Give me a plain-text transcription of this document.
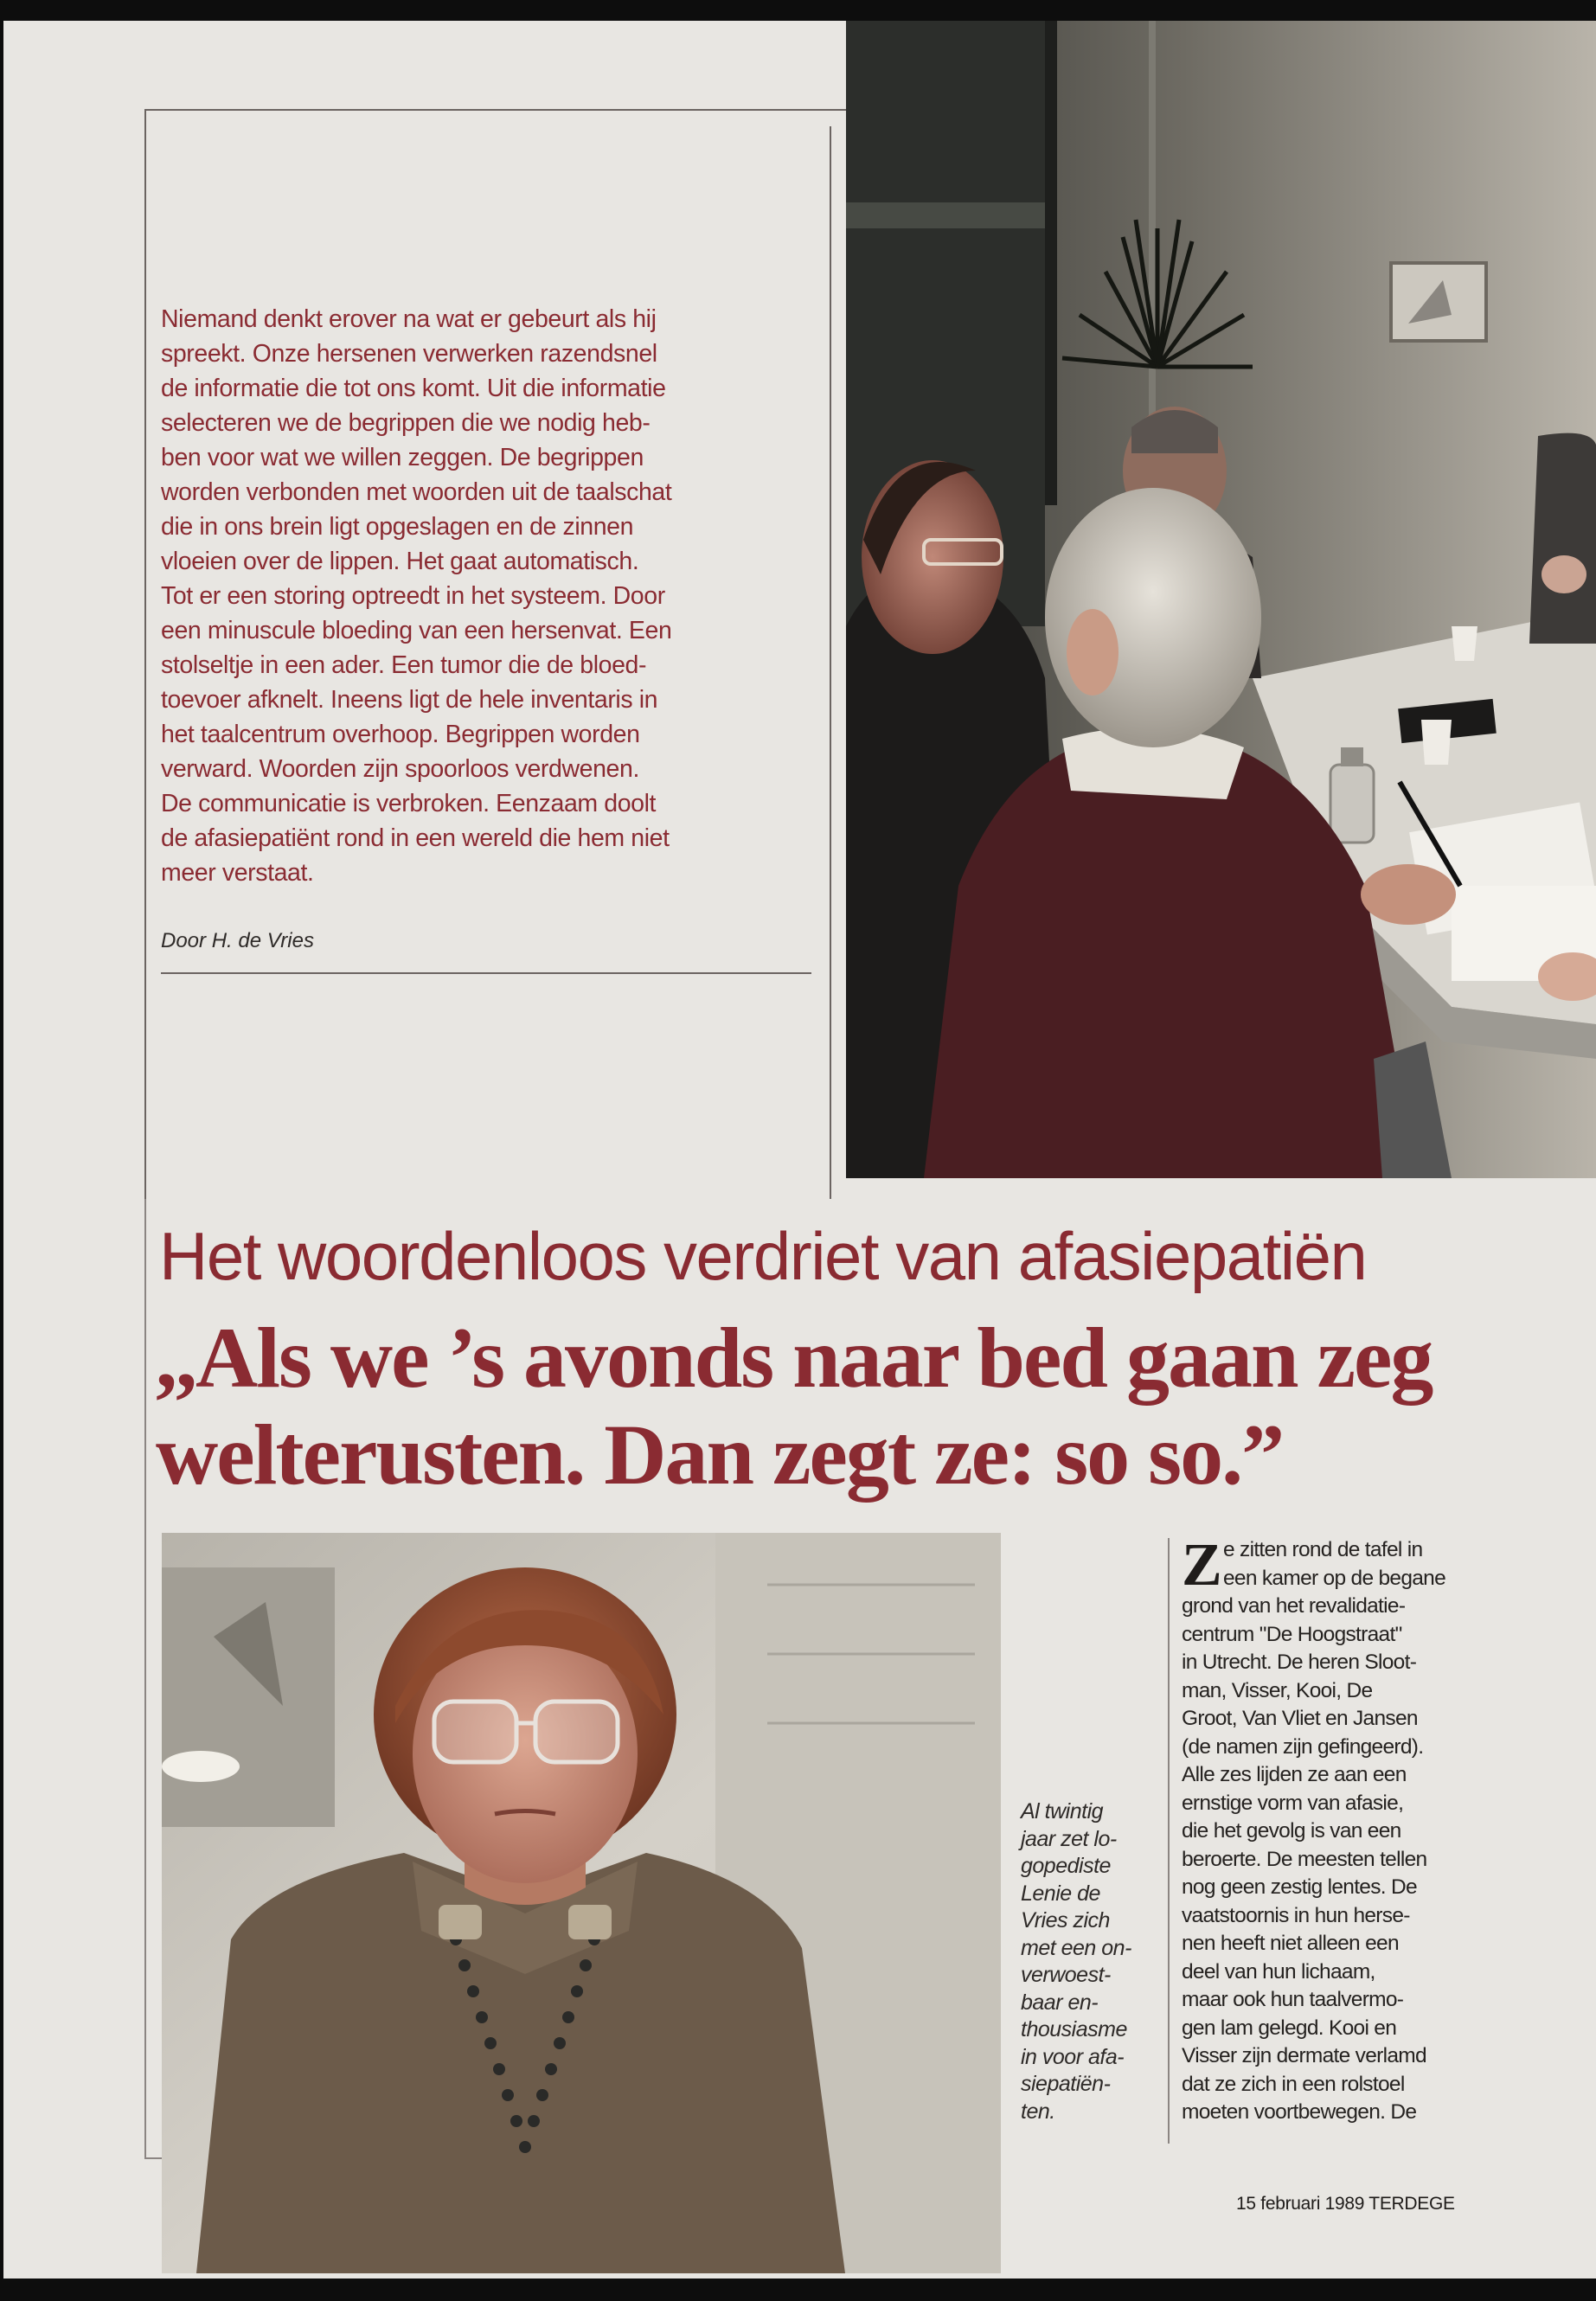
Niemand denkt erover na wat er gebeurt als hij

spreekt. Onze hersenen verwerken razendsnel

de informatie die tot ons komt. Uit die informatie

selecteren we de begrippen die we nodig heb-

ben voor wat we willen zeggen. De begrippen

worden verbonden met woorden uit de taalschat

die in ons brein ligt opgeslagen en de zinnen

vloeien over de lippen. Het gaat automatisch.

Tot er een storing optreedt in het systeem. Door

een minuscule bloeding van een hersenvat. Een

stolseltje in een ader. Een tumor die de bloed-

toevoer afknelt. Ineens ligt de hele inventaris in

het taalcentrum overhoop. Begrippen worden

verward. Woorden zijn spoorloos verdwenen.

De communicatie is verbroken. Eenzaam doolt

de afasiepatiënt rond in een wereld die hem niet

meer verstaat.

Door H. de Vries
Het woordenloos verdriet van afasiepatiën
,,Als we ’s avonds naar bed gaan zeg
welterusten. Dan zegt ze: so so.”
Al twintig
jaar zet lo-
gopediste
Lenie de
Vries zich
met een on-
verwoest-
baar en-
thousiasme
in voor afa-
siepatiën-
ten.
Z e zitten rond de tafel in

een kamer op de begane

grond van het revalidatie-

centrum "De Hoogstraat"

in Utrecht. De heren Sloot-

man, Visser, Kooi, De

Groot, Van Vliet en Jansen

(de namen zijn gefingeerd).

Alle zes lijden ze aan een

ernstige vorm van afasie,

die het gevolg is van een

beroerte. De meesten tellen

nog geen zestig lentes. De

vaatstoornis in hun herse-

nen heeft niet alleen een

deel van hun lichaam,

maar ook hun taalvermo-

gen lam gelegd. Kooi en

Visser zijn dermate verlamd

dat ze zich in een rolstoel

moeten voortbewegen. De

15 februari 1989 TERDEGE
